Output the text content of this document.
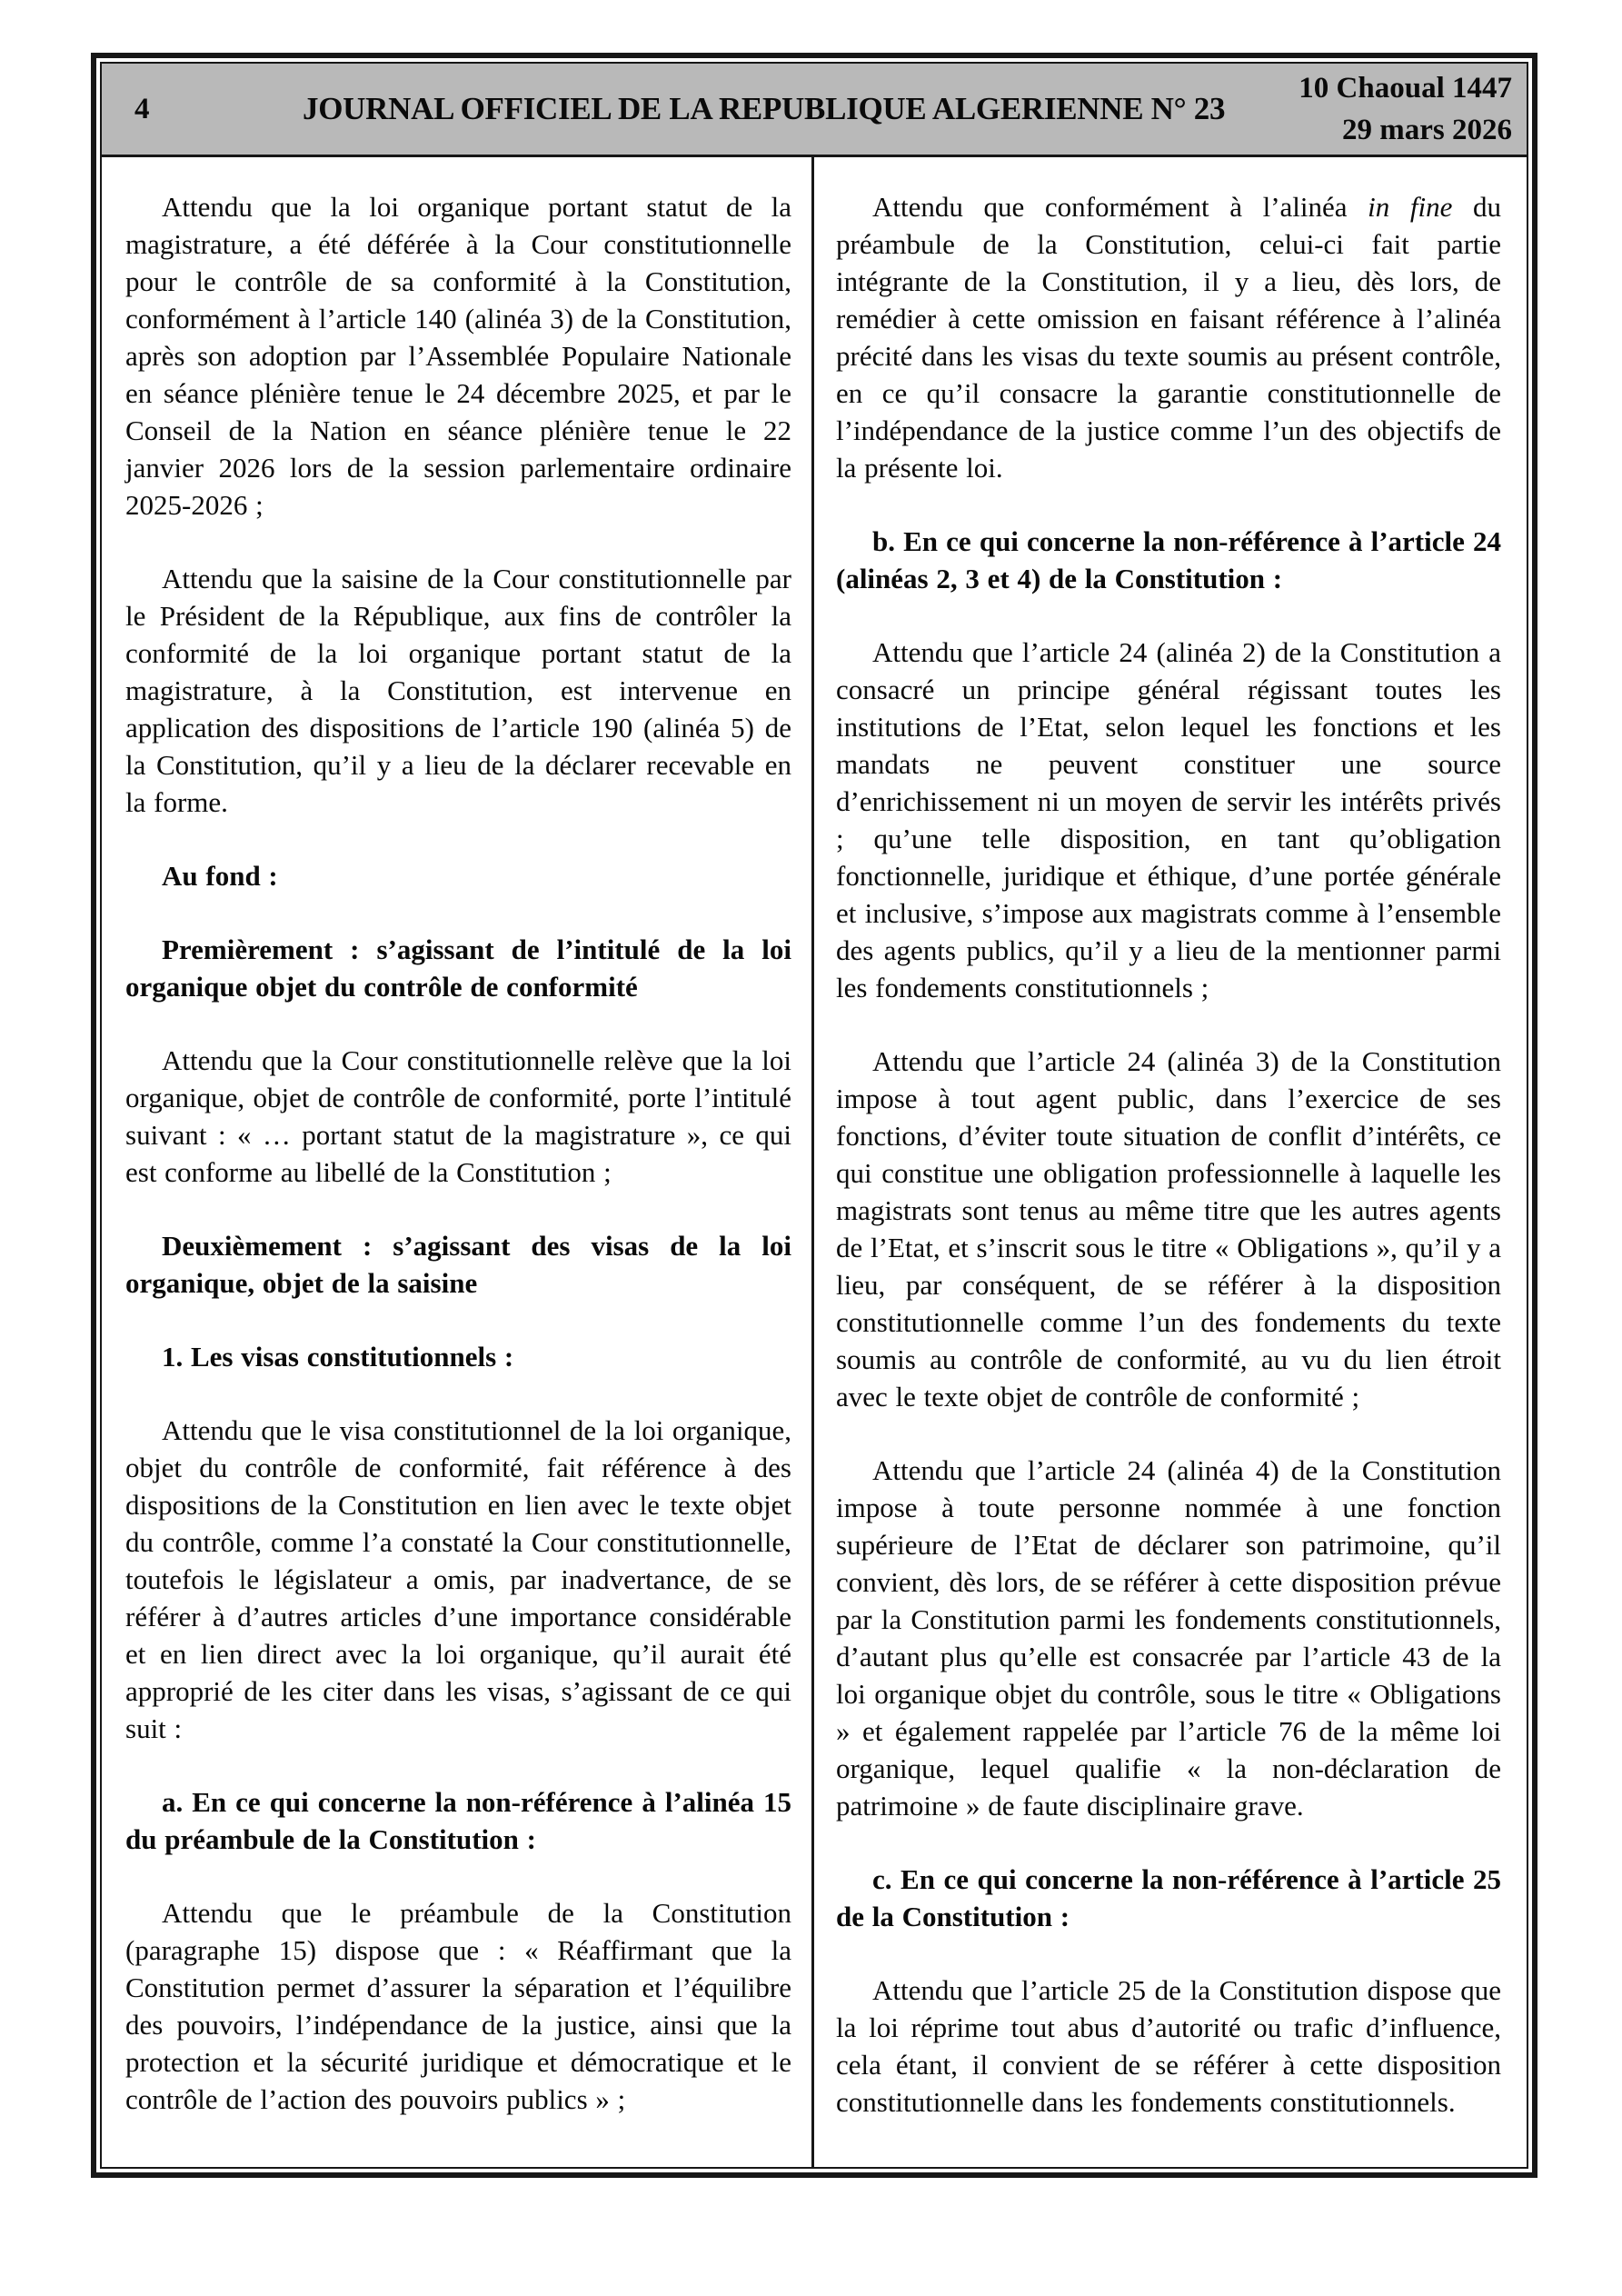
4	JOURNAL OFFICIEL DE LA REPUBLIQUE ALGERIENNE N° 23
10 Chaoual 1447
29 mars 2026

Attendu que la loi organique portant statut de la magistrature, a été déférée à la Cour constitutionnelle pour le contrôle de sa conformité à la Constitution, conformément à l’article 140 (alinéa 3) de la Constitution, après son adoption par l’Assemblée Populaire Nationale en séance plénière tenue le 24 décembre 2025, et par le Conseil de la Nation en séance plénière tenue le 22 janvier 2026 lors de la session parlementaire ordinaire 2025-2026 ;

Attendu que la saisine de la Cour constitutionnelle par le Président de la République, aux fins de contrôler la conformité de la loi organique portant statut de la magistrature, à la Constitution, est intervenue en application des dispositions de l’article 190 (alinéa 5) de la Constitution, qu’il y a lieu de la déclarer recevable en la forme.

Au fond :

Premièrement : s’agissant de l’intitulé de la loi organique objet du contrôle de conformité

Attendu que la Cour constitutionnelle relève que la loi organique, objet de contrôle de conformité, porte l’intitulé suivant : « … portant statut de la magistrature », ce qui est conforme au libellé de la Constitution ;

Deuxièmement : s’agissant des visas de la loi organique, objet de la saisine

1. Les visas constitutionnels :

Attendu que le visa constitutionnel de la loi organique, objet du contrôle de conformité, fait référence à des dispositions de la Constitution en lien avec le texte objet du contrôle, comme l’a constaté la Cour constitutionnelle, toutefois le législateur a omis, par inadvertance, de se référer à d’autres articles d’une importance considérable et en lien direct avec la loi organique, qu’il aurait été approprié de les citer dans les visas, s’agissant de ce qui suit :

a. En ce qui concerne la non-référence à l’alinéa 15 du préambule de la Constitution :

Attendu que le préambule de la Constitution (paragraphe 15) dispose que : « Réaffirmant que la Constitution permet d’assurer la séparation et l’équilibre des pouvoirs, l’indépendance de la justice, ainsi que la protection et la sécurité juridique et démocratique et le contrôle de l’action des pouvoirs publics » ;

Attendu que conformément à l’alinéa in fine du préambule de la Constitution, celui-ci fait partie intégrante de la Constitution, il y a lieu, dès lors, de remédier à cette omission en faisant référence à l’alinéa précité dans les visas du texte soumis au présent contrôle, en ce qu’il consacre la garantie constitutionnelle de l’indépendance de la justice comme l’un des objectifs de la présente loi.

b. En ce qui concerne la non-référence à l’article 24 (alinéas 2, 3 et 4) de la Constitution :

Attendu que l’article 24 (alinéa 2) de la Constitution a consacré un principe général régissant toutes les institutions de l’Etat, selon lequel les fonctions et les mandats ne peuvent constituer une source d’enrichissement ni un moyen de servir les intérêts privés ; qu’une telle disposition, en tant qu’obligation fonctionnelle, juridique et éthique, d’une portée générale et inclusive, s’impose aux magistrats comme à l’ensemble des agents publics, qu’il y a lieu de la mentionner parmi les fondements constitutionnels ;

Attendu que l’article 24 (alinéa 3) de la Constitution impose à tout agent public, dans l’exercice de ses fonctions, d’éviter toute situation de conflit d’intérêts, ce qui constitue une obligation professionnelle à laquelle les magistrats sont tenus au même titre que les autres agents de l’Etat, et s’inscrit sous le titre « Obligations », qu’il y a lieu, par conséquent, de se référer à la disposition constitutionnelle comme l’un des fondements du texte soumis au contrôle de conformité, au vu du lien étroit avec le texte objet de contrôle de conformité ;

Attendu que l’article 24 (alinéa 4) de la Constitution impose à toute personne nommée à une fonction supérieure de l’Etat de déclarer son patrimoine, qu’il convient, dès lors, de se référer à cette disposition prévue par la Constitution parmi les fondements constitutionnels, d’autant plus qu’elle est consacrée par l’article 43 de la loi organique objet du contrôle, sous le titre « Obligations » et également rappelée par l’article 76 de la même loi organique, lequel qualifie « la non-déclaration de patrimoine » de faute disciplinaire grave.

c. En ce qui concerne la non-référence à l’article 25 de la Constitution :

Attendu que l’article 25 de la Constitution dispose que la loi réprime tout abus d’autorité ou trafic d’influence, cela étant, il convient de se référer à cette disposition constitutionnelle dans les fondements constitutionnels.
